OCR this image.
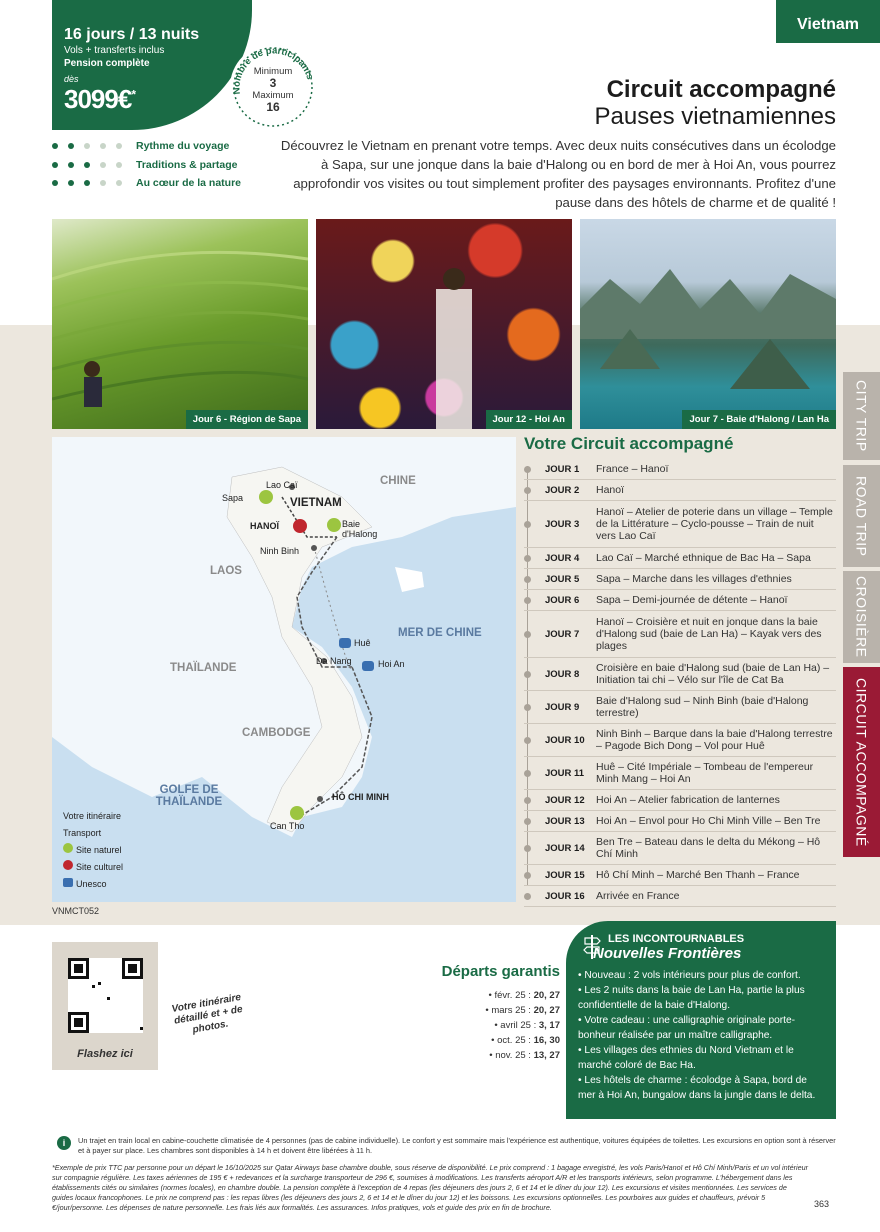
16 jours / 13 nuits
Vols + transferts inclus
Pension complète
dès
3099€*	Nombre de participants
Minimum
3
Maximum
16
Vietnam
Circuit accompagné
Pauses vietnamiennes
Découvrez le Vietnam en prenant votre temps. Avec deux nuits consécutives dans un écolodge à Sapa, sur une jonque dans la baie d'Halong ou en bord de mer à Hoi An, vous pourrez approfondir vos visites ou tout simplement profiter des paysages environnants. Profitez d'une pause dans des hôtels de charme et de qualité !
Rythme du voyage
Traditions & partage
Au cœur de la nature
Jour 6 - Région de Sapa	Jour 12 - Hoi An	Jour 7 - Baie d'Halong / Lan Ha	CITY TRIP
ROAD TRIP
CROISIÈRE
CIRCUIT ACCOMPAGNÉ
CHINE
VIETNAM
LAOS
THAÏLANDE
CAMBODGE
MER DE CHINE
GOLFE DE THAÏLANDE
Lao Caï
Sapa
HANOÏ	Baie d'Halong
Ninh Binh
Huê
Da Nang	Hoi An
HÔ CHI MINH
Can Tho
Votre itinéraire
Transport
Site naturel
Site culturel
Unesco
VNMCT052
Votre Circuit accompagné
JOUR 1	France – Hanoï
JOUR 2	Hanoï
JOUR 3
Hanoï – Atelier de poterie dans un village – Temple de la Littérature – Cyclo-pousse – Train de nuit vers Lao Caï
JOUR 4	Lao Caï – Marché ethnique de Bac Ha – Sapa
JOUR 5	Sapa – Marche dans les villages d'ethnies
JOUR 6	Sapa – Demi-journée de détente – Hanoï
JOUR 7
Hanoï – Croisière et nuit en jonque dans la baie d'Halong sud (baie de Lan Ha) – Kayak vers des plages
JOUR 8	Croisière en baie d'Halong sud (baie de Lan Ha) – Initiation tai chi – Vélo sur l'île de Cat Ba
JOUR 9	Baie d'Halong sud – Ninh Binh (baie d'Halong terrestre)
JOUR 10	Ninh Binh – Barque dans la baie d'Halong terrestre – Pagode Bich Dong – Vol pour Huê
JOUR 11	Huê – Cité Impériale – Tombeau de l'empereur Minh Mang – Hoi An
JOUR 12	Hoi An – Atelier fabrication de lanternes
JOUR 13	Hoi An – Envol pour Ho Chi Minh Ville – Ben Tre
JOUR 14	Ben Tre – Bateau dans le delta du Mékong – Hô Chí Minh
JOUR 15	Hô Chí Minh – Marché Ben Thanh – France
JOUR 16	Arrivée en France
Départs garantis
• févr. 25 : 20, 27
• mars 25 : 20, 27
• avril 25 : 3, 17
• oct. 25 : 16, 30
• nov. 25 : 13, 27
Flashez ici
Votre itinéraire détaillé et + de photos.
LES INCONTOURNABLES
Nouvelles Frontières
• Nouveau : 2 vols intérieurs pour plus de confort.
• Les 2 nuits dans la baie de Lan Ha, partie la plus confidentielle de la baie d'Halong.
• Votre cadeau : une calligraphie originale porte-bonheur réalisée par un maître calligraphe.
• Les villages des ethnies du Nord Vietnam et le marché coloré de Bac Ha.
• Les hôtels de charme : écolodge à Sapa, bord de mer à Hoi An, bungalow dans la jungle dans le delta.
i	Un trajet en train local en cabine-couchette climatisée de 4 personnes (pas de cabine individuelle). Le confort y est sommaire mais l'expérience est authentique, voitures équipées de toilettes. Les excursions en option sont à réserver et à payer sur place. Les chambres sont disponibles à 14 h et doivent être libérées à 11 h.
*Exemple de prix TTC par personne pour un départ le 16/10/2025 sur Qatar Airways base chambre double, sous réserve de disponibilité. Le prix comprend : 1 bagage enregistré, les vols Paris/Hanoï et Hô Chí Minh/Paris et un vol intérieur sur compagnie régulière. Les taxes aériennes de 195 € + redevances et la surcharge transporteur de 296 €, soumises à modifications. Les transferts aéroport A/R et les transports intérieurs, selon programme. L'hébergement dans les établissements cités ou similaires (normes locales), en chambre double. La pension complète à l'exception de 4 repas (les déjeuners des jours 2, 6 et 14 et le dîner du jour 12). Les excursions et visites mentionnées. Les services de guides locaux francophones. Le prix ne comprend pas : les repas libres (les déjeuners des jours 2, 6 et 14 et le dîner du jour 12) et les boissons. Les excursions optionnelles. Les pourboires aux guides et chauffeurs, prévoir 5 €/jour/personne. Les dépenses de nature personnelle. Les frais liés aux formalités. Les assurances. Infos pratiques, vols et guide des prix en fin de brochure.	363
